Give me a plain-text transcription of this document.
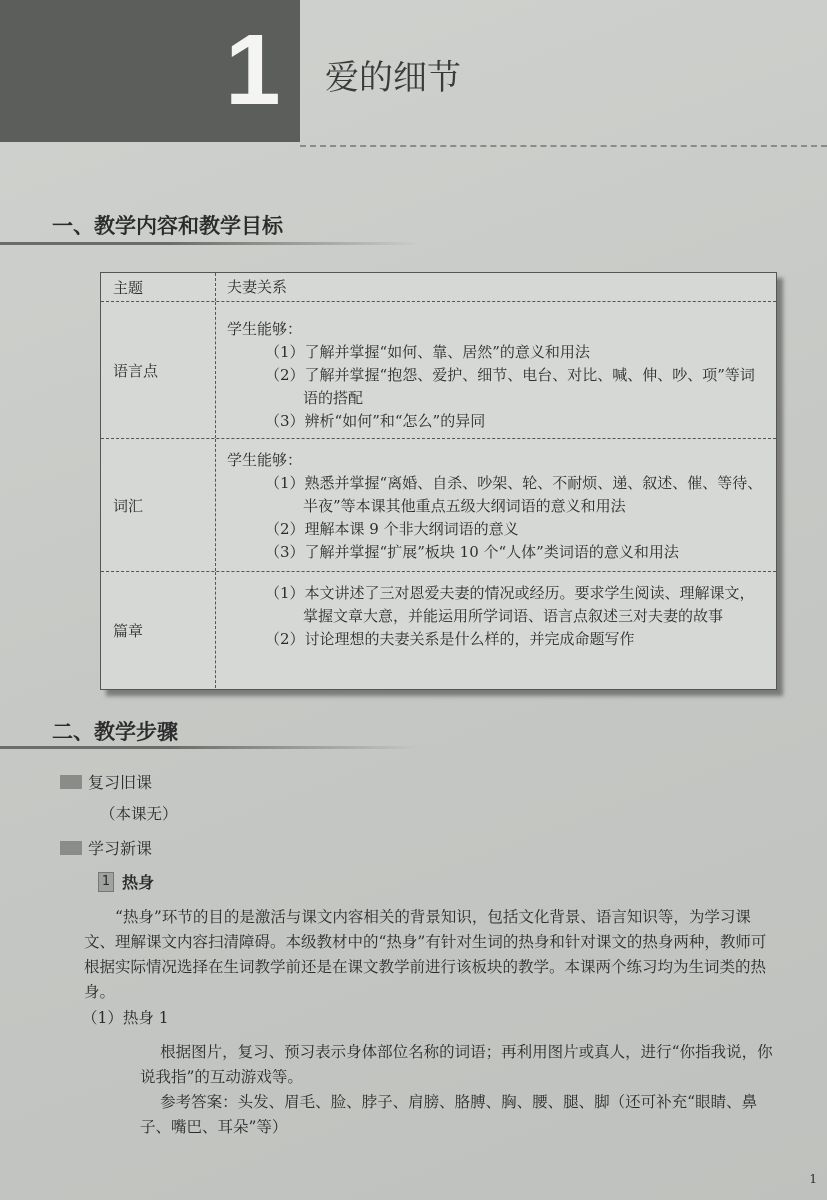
1 爱的细节
一、教学内容和教学目标
主题	夫妻关系
语言点
学生能够：
（1）了解并掌握“如何、靠、居然”的意义和用法
（2）了解并掌握“抱怨、爱护、细节、电台、对比、喊、伸、吵、项”等词语的搭配
（3）辨析“如何”和“怎么”的异同
词汇
学生能够：
（1）熟悉并掌握“离婚、自杀、吵架、轮、不耐烦、递、叙述、催、等待、半夜”等本课其他重点五级大纲词语的意义和用法
（2）理解本课 9 个非大纲词语的意义
（3）了解并掌握“扩展”板块 10 个“人体”类词语的意义和用法
篇章
（1）本文讲述了三对恩爱夫妻的情况或经历。要求学生阅读、理解课文，掌握文章大意，并能运用所学词语、语言点叙述三对夫妻的故事
（2）讨论理想的夫妻关系是什么样的，并完成命题写作
二、教学步骤
复习旧课
（本课无）
学习新课
1 热身

“热身”环节的目的是激活与课文内容相关的背景知识，包括文化背景、语言知识等，为学习课文、理解课文内容扫清障碍。本级教材中的“热身”有针对生词的热身和针对课文的热身两种，教师可根据实际情况选择在生词教学前还是在课文教学前进行该板块的教学。本课两个练习均为生词类的热身。

（1）热身 1

根据图片，复习、预习表示身体部位名称的词语；再利用图片或真人，进行“你指我说，你说我指”的互动游戏等。

参考答案：头发、眉毛、脸、脖子、肩膀、胳膊、胸、腰、腿、脚（还可补充“眼睛、鼻子、嘴巴、耳朵”等）

1
